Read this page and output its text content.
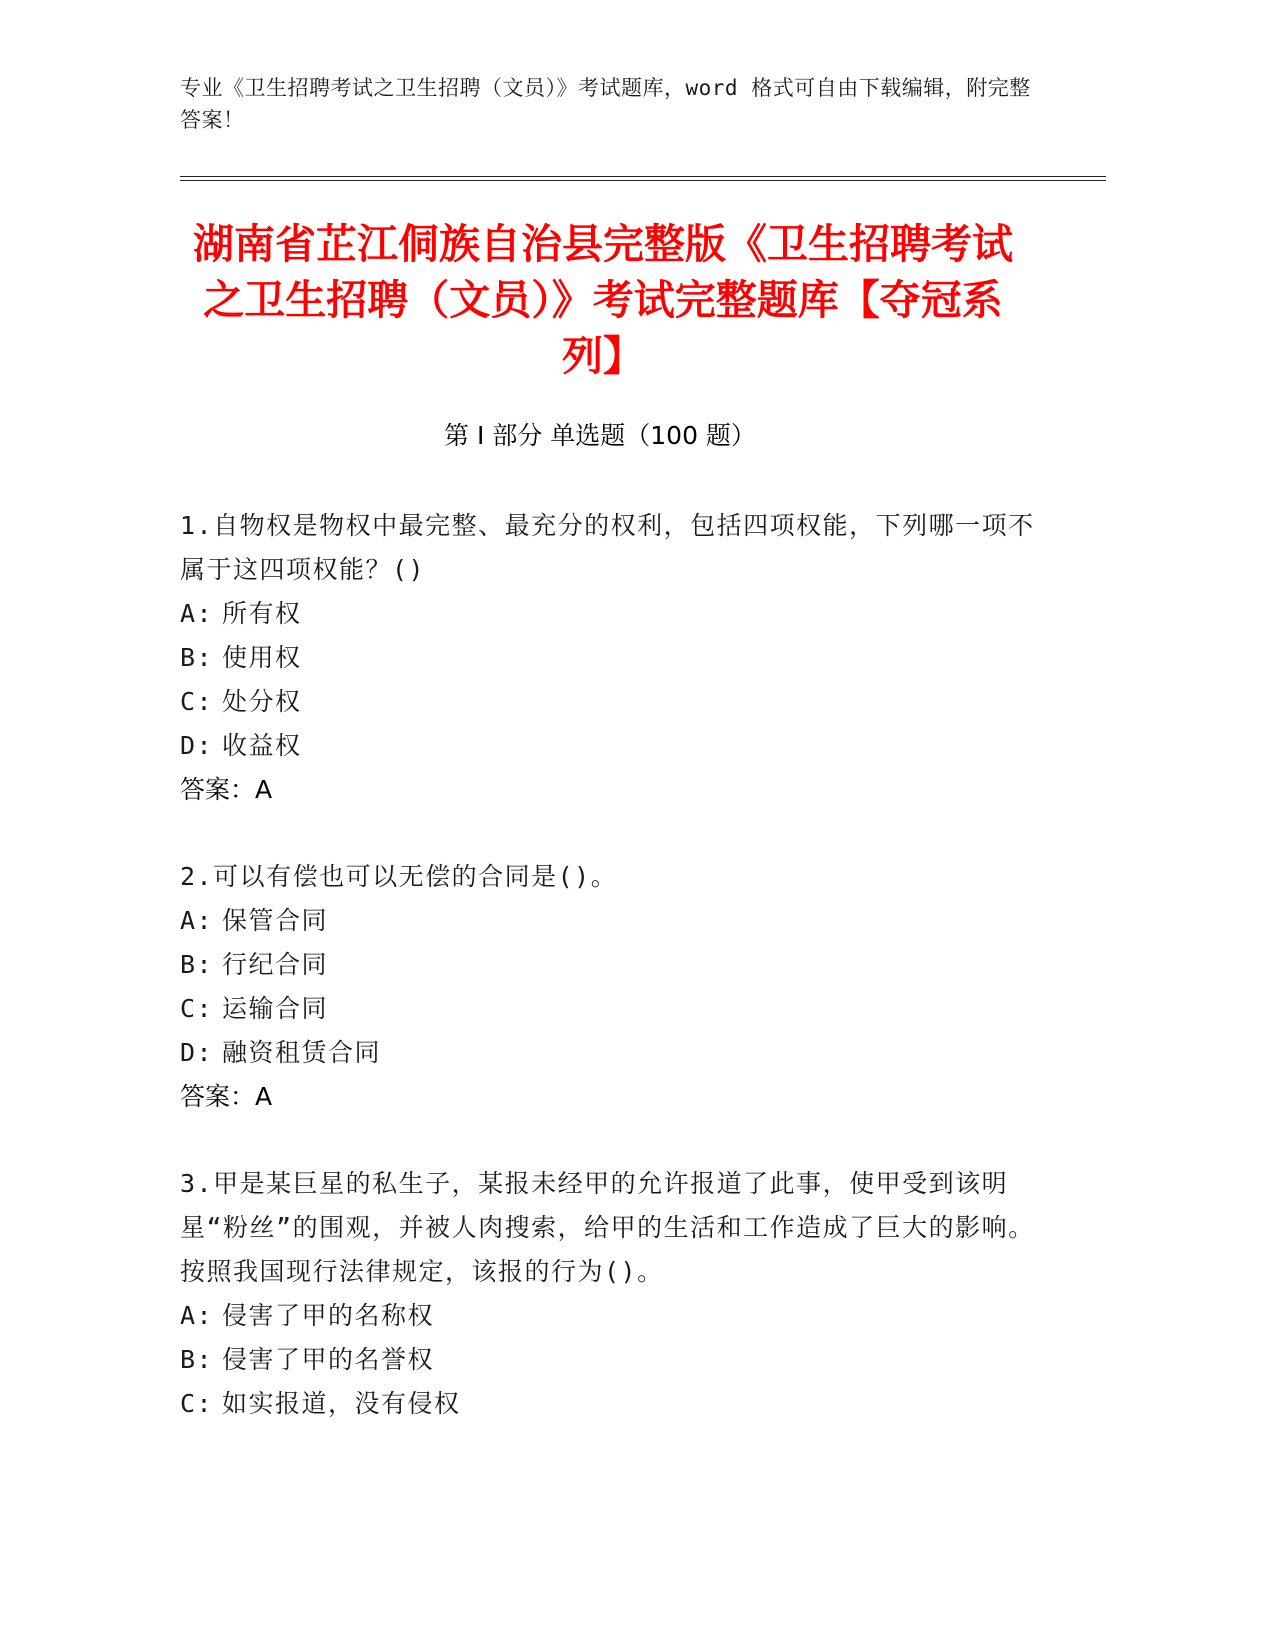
专业《卫生招聘考试之卫生招聘（文员）》考试题库，word 格式可自由下载编辑，附完整答案！
湖南省芷江侗族自治县完整版《卫生招聘考试之卫生招聘（文员）》考试完整题库【夺冠系列】
第 I 部分 单选题（100 题）
1.自物权是物权中最完整、最充分的权利，包括四项权能，下列哪一项不属于这四项权能？()
A: 所有权
B: 使用权
C: 处分权
D: 收益权
答案：A
2.可以有偿也可以无偿的合同是()。
A: 保管合同
B: 行纪合同
C: 运输合同
D: 融资租赁合同
答案：A
3.甲是某巨星的私生子，某报未经甲的允许报道了此事，使甲受到该明星“粉丝”的围观，并被人肉搜索，给甲的生活和工作造成了巨大的影响。按照我国现行法律规定，该报的行为()。
A: 侵害了甲的名称权
B: 侵害了甲的名誉权
C: 如实报道，没有侵权
